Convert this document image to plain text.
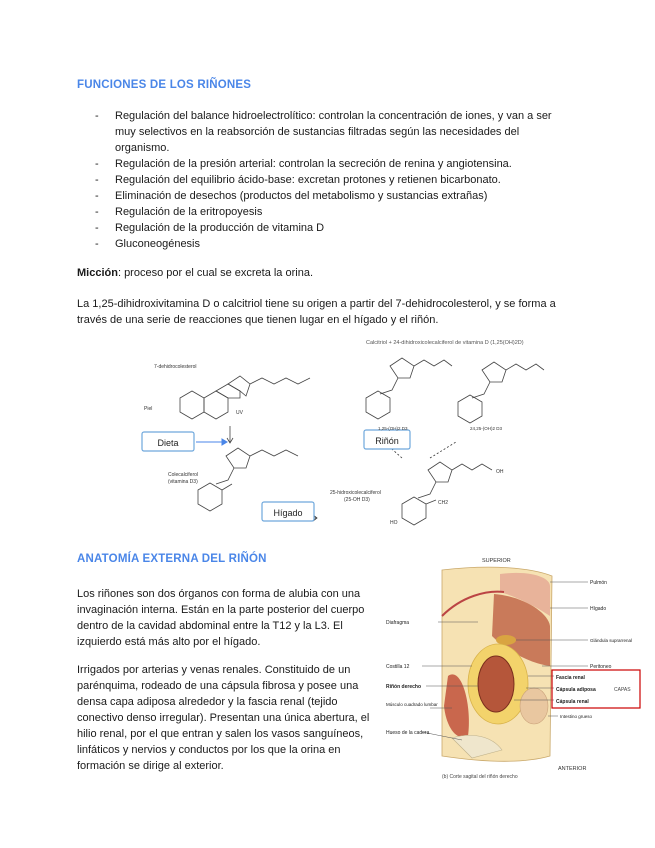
FUNCIONES DE LOS RIÑONES
- Regulación del balance hidroelectrolítico: controlan la concentración de iones, y van a ser muy selectivos en la reabsorción de sustancias filtradas según las necesidades del organismo.
- Regulación de la presión arterial: controlan la secreción de renina y angiotensina.
- Regulación del equilibrio ácido-base: excretan protones y retienen bicarbonato.
- Eliminación de desechos (productos del metabolismo y sustancias extrañas)
- Regulación de la eritropoyesis
- Regulación de la producción de vitamina D
- Gluconeogénesis
Micción: proceso por el cual se excreta la orina.
La 1,25-dihidroxivitamina D o calcitriol tiene su origen a partir del 7-dehidrocolesterol, y se forma a través de una serie de reacciones que tienen lugar en el hígado y el riñón.
Calcitriol + 24-dihidroxicolecalciferol de vitamina D (1,25(OH)2D)
7-dehidrocolesterol
Piel
UV
Dieta
Colecalciferol
(vitamina D3)
Hígado
Riñón
25-hidroxicolecalciferol
(25-OH D3)
1,25-(OH)2 D3	24,25-(OH)2 D3
OH
HO
CH2
ANATOMÍA EXTERNA DEL RIÑÓN
Los riñones son dos órganos con forma de alubia con una invaginación interna. Están en la parte posterior del cuerpo dentro de la cavidad abdominal entre la T12 y la L3. El izquierdo está más alto por el hígado.
Irrigados por arterias y venas renales. Constituido de un parénquima, rodeado de una cápsula fibrosa y posee una densa capa adiposa alrededor y la fascia renal (tejido conectivo denso irregular). Presentan una única abertura, el hilio renal, por el que entran y salen los vasos sanguíneos, linfáticos y nervios y conductos por los que la orina en formación se dirige al exterior.
SUPERIOR
ANTERIOR
Diafragma
Costilla 12
Riñón derecho
Músculo cuadrado lumbar
Hueso de la cadera
Pulmón
Hígado
Glándula suprarrenal
Peritoneo
Fascia renal
Cápsula adiposa
Cápsula renal
CAPAS
Intestino grueso
(b) Corte sagital del riñón derecho
